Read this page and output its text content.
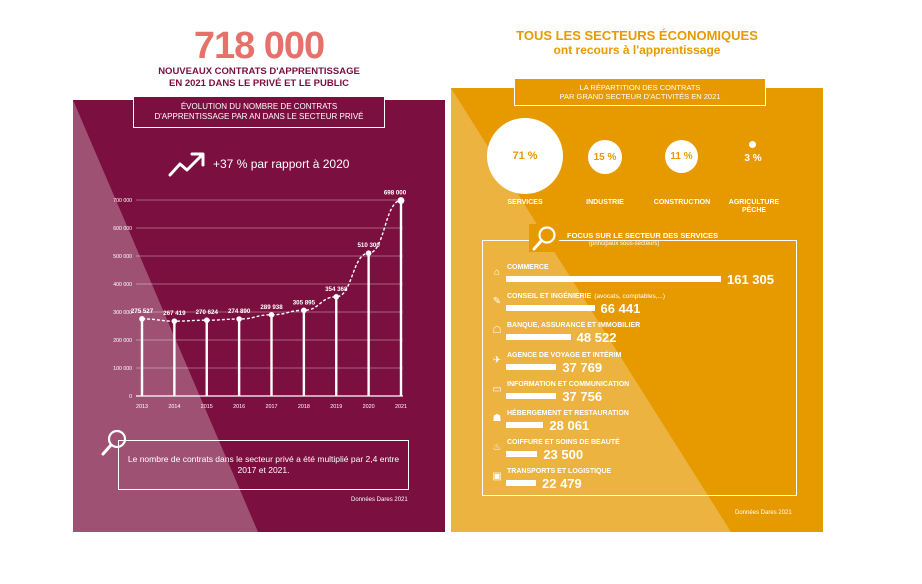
718 000
NOUVEAUX CONTRATS D'APPRENTISSAGE
EN 2021 DANS LE PRIVÉ ET LE PUBLIC
ÉVOLUTION DU NOMBRE DE CONTRATS
D'APPRENTISSAGE PAR AN DANS LE SECTEUR PRIVÉ
+37 % par rapport à 2020
0
100 000
200 000
300 000
400 000
500 000
600 000
700 000
275 527 267 419 270 624 274 890
289 938
305 895
354 368
510 300
698 000
2013	2014	2015	2016	2017	2018	2019	2020	2021
Le nombre de contrats dans le secteur privé a été multiplié par 2,4 entre 2017 et 2021.
Données Dares 2021
TOUS LES SECTEURS ÉCONOMIQUES
ont recours à l'apprentissage
LA RÉPARTITION DES CONTRATS
PAR GRAND SECTEUR D'ACTIVITÉS EN 2021
71 %	15 %	11 %	3 %
SERVICES	INDUSTRIE	CONSTRUCTION	AGRICULTURE PÊCHE
FOCUS SUR LE SECTEUR DES SERVICES
(principaux sous-secteurs)
⌂ COMMERCE
161 305
✎ CONSEIL ET INGÉNIERIE (avocats, comptables,...)
66 441
☖ BANQUE, ASSURANCE ET IMMOBILIER
48 522
✈ AGENCE DE VOYAGE ET INTÉRIM
37 769
▭ INFORMATION ET COMMUNICATION
37 756
☗ HÉBERGEMENT ET RESTAURATION
28 061
♨ COIFFURE ET SOINS DE BEAUTÉ
23 500
▣ TRANSPORTS ET LOGISTIQUE
22 479
Données Dares 2021
